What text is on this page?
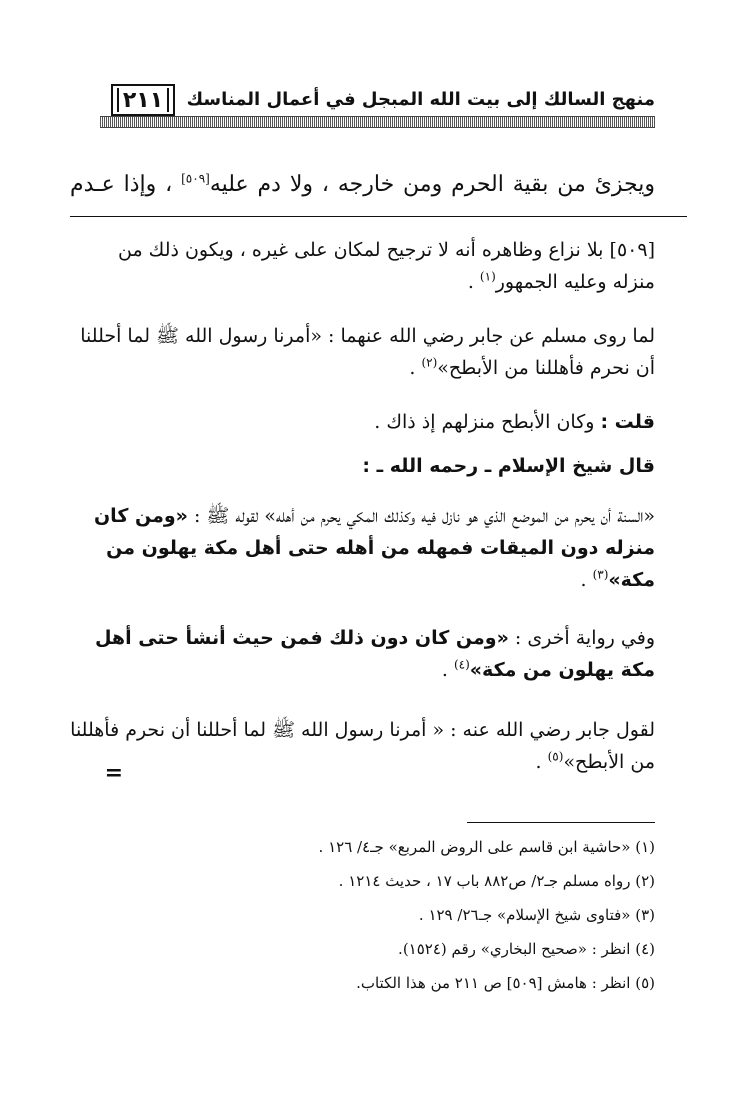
منهج السالك إلى بيت الله المبجل في أعمال المناسك
٢١١
ويجزئ من بقية الحرم ومن خارجه ، ولا دم عليه[٥٠٩] ، وإذا عـدم

[٥٠٩] بلا نزاع وظاهره أنه لا ترجيح لمكان على غيره ، ويكون ذلك من منزله وعليه الجمهور$^{(١)}$ .

لما روى مسلم عن جابر رضي الله عنهما : «أمرنا رسول الله ﷺ لما أحللنا أن نحرم فأهللنا من الأبطح»$^{(٢)}$ .

قلت : وكان الأبطح منزلهم إذ ذاك .

قال شيخ الإسلام ـ رحمه الله ـ :

«السنة أن يحرم من الموضع الذي هو نازل فيه وكذلك المكي يحرم من أهله» لقوله ﷺ : «ومن كان منزله دون الميقات فمهله من أهله حتى أهل مكة يهلون من مكة»$^{(٣)}$ .

وفي رواية أخرى : «ومن كان دون ذلك فمن حيث أنشأ حتى أهل مكة يهلون من مكة»$^{(٤)}$ .

لقول جابر رضي الله عنه : « أمرنا رسول الله ﷺ لما أحللنا أن نحرم فأهللنا من الأبطح»$^{(٥)}$ .

=
(١) «حاشية ابن قاسم على الروض المربع» جـ٤/ ١٢٦ .
(٢) رواه مسلم جـ٢/ ص٨٨٢ باب ١٧ ، حديث ١٢١٤ .
(٣) «فتاوى شيخ الإسلام» جـ٢٦/ ١٢٩ .
(٤) انظر : «صحيح البخاري» رقم (١٥٢٤).
(٥) انظر : هامش [٥٠٩] ص ٢١١ من هذا الكتاب.
